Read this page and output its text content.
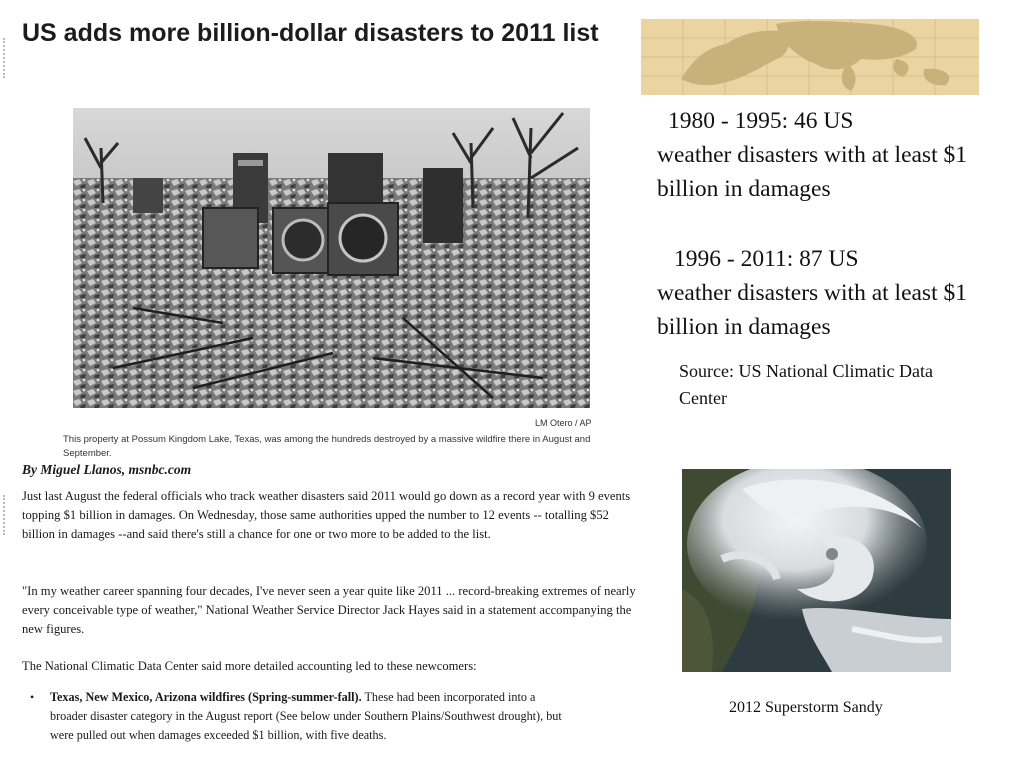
US adds more billion-dollar disasters to 2011 list
LM Otero / AP
This property at Possum Kingdom Lake, Texas, was among the hundreds destroyed by a massive wildfire there in August and September.
By Miguel Llanos, msnbc.com

Just last August the federal officials who track weather disasters said 2011 would go down as a record year with 9 events topping $1 billion in damages. On Wednesday, those same authorities upped the number to 12 events -- totalling $52 billion in damages --and said there's still a chance for one or two more to be added to the list.

"In my weather career spanning four decades, I've never seen a year quite like 2011 ... record-breaking extremes of nearly every conceivable type of weather," National Weather Service Director Jack Hayes said in a statement accompanying the new figures.

The National Climatic Data Center said more detailed accounting led to these newcomers:

• Texas, New Mexico, Arizona wildfires (Spring-summer-fall). These had been incorporated into a broader disaster category in the August report (See below under Southern Plains/Southwest drought), but were pulled out when damages exceeded $1 billion, with five deaths.
1980 - 1995: 46 US
weather disasters with at least $1 billion in damages
1996 - 2011: 87 US
weather disasters with at least $1 billion in damages
Source: US National Climatic Data Center
2012 Superstorm Sandy
